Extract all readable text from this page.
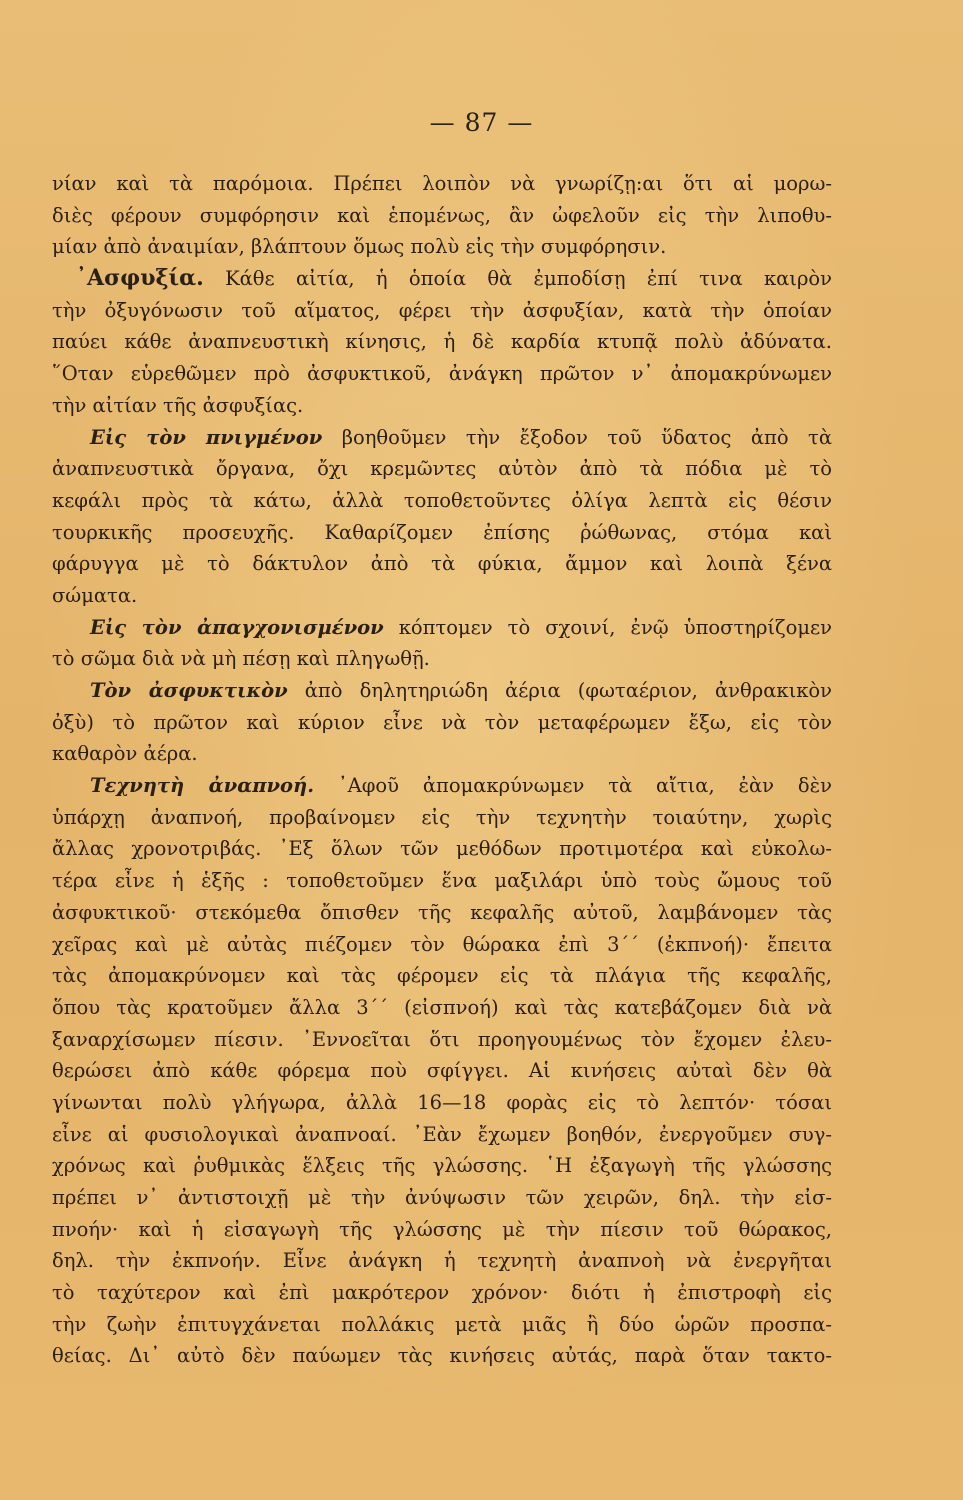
— 87 —
νίαν καὶ τὰ παρόμοια. Πρέπει λοιπὸν νὰ γνωρίζῃ:αι ὅτι αἱ μορω-
διὲς φέρουν συμφόρησιν καὶ ἑπομένως, ἂν ὠφελοῦν εἰς τὴν λιποθυ-
μίαν ἀπὸ ἀναιμίαν, βλάπτουν ὅμως πολὺ εἰς τὴν συμφόρησιν.
᾿Ασφυξία. Κάθε αἰτία, ἡ ὁποία θὰ ἐμποδίσῃ ἐπί τινα καιρὸν
τὴν ὀξυγόνωσιν τοῦ αἵματος, φέρει τὴν ἀσφυξίαν, κατὰ τὴν ὁποίαν
παύει κάθε ἀναπνευστικὴ κίνησις, ἡ δὲ καρδία κτυπᾷ πολὺ ἀδύνατα.
῞Οταν εὑρεθῶμεν πρὸ ἀσφυκτικοῦ, ἀνάγκη πρῶτον ν᾿ ἀπομακρύνωμεν
τὴν αἰτίαν τῆς ἀσφυξίας.
Εἰς τὸν πνιγμένον βοηθοῦμεν τὴν ἔξοδον τοῦ ὕδατος ἀπὸ τὰ
ἀναπνευστικὰ ὄργανα, ὄχι κρεμῶντες αὐτὸν ἀπὸ τὰ πόδια μὲ τὸ
κεφάλι πρὸς τὰ κάτω, ἀλλὰ τοποθετοῦντες ὀλίγα λεπτὰ εἰς θέσιν
τουρκικῆς προσευχῆς. Καθαρίζομεν ἐπίσης ῥώθωνας, στόμα καὶ
φάρυγγα μὲ τὸ δάκτυλον ἀπὸ τὰ φύκια, ἄμμον καὶ λοιπὰ ξένα
σώματα.
Εἰς τὸν ἀπαγχονισμένον κόπτομεν τὸ σχοινί, ἐνῷ ὑποστηρίζομεν
τὸ σῶμα διὰ νὰ μὴ πέσῃ καὶ πληγωθῇ.
Τὸν ἀσφυκτικὸν ἀπὸ δηλητηριώδη ἀέρια (φωταέριον, ἀνθρακικὸν
ὀξὺ) τὸ πρῶτον καὶ κύριον εἶνε νὰ τὸν μεταφέρωμεν ἔξω, εἰς τὸν
καθαρὸν ἀέρα.
Τεχνητὴ ἀναπνοή. ᾿Αφοῦ ἀπομακρύνωμεν τὰ αἴτια, ἐὰν δὲν
ὑπάρχῃ ἀναπνοή, προβαίνομεν εἰς τὴν τεχνητὴν τοιαύτην, χωρὶς
ἄλλας χρονοτριβάς. ᾿Εξ ὅλων τῶν μεθόδων προτιμοτέρα καὶ εὐκολω-
τέρα εἶνε ἡ ἑξῆς : τοποθετοῦμεν ἕνα μαξιλάρι ὑπὸ τοὺς ὤμους τοῦ
ἀσφυκτικοῦ· στεκόμεθα ὄπισθεν τῆς κεφαλῆς αὐτοῦ, λαμβάνομεν τὰς
χεῖρας καὶ μὲ αὐτὰς πιέζομεν τὸν θώρακα ἐπὶ 3΄΄ (ἐκπνοή)· ἔπειτα
τὰς ἀπομακρύνομεν καὶ τὰς φέρομεν εἰς τὰ πλάγια τῆς κεφαλῆς,
ὅπου τὰς κρατοῦμεν ἄλλα 3΄΄ (εἰσπνοή) καὶ τὰς κατεβάζομεν διὰ νὰ
ξαναρχίσωμεν πίεσιν. ᾿Εννοεῖται ὅτι προηγουμένως τὸν ἔχομεν ἐλευ-
θερώσει ἀπὸ κάθε φόρεμα ποὺ σφίγγει. Αἱ κινήσεις αὐταὶ δὲν θὰ
γίνωνται πολὺ γλήγωρα, ἀλλὰ 16—18 φορὰς εἰς τὸ λεπτόν· τόσαι
εἶνε αἱ φυσιολογικαὶ ἀναπνοαί. ᾿Εὰν ἔχωμεν βοηθόν, ἐνεργοῦμεν συγ-
χρόνως καὶ ῥυθμικὰς ἕλξεις τῆς γλώσσης. ῾Η ἐξαγωγὴ τῆς γλώσσης
πρέπει ν᾿ ἀντιστοιχῇ μὲ τὴν ἀνύψωσιν τῶν χειρῶν, δηλ. τὴν εἰσ-
πνοήν· καὶ ἡ εἰσαγωγὴ τῆς γλώσσης μὲ τὴν πίεσιν τοῦ θώρακος,
δηλ. τὴν ἐκπνοήν. Εἶνε ἀνάγκη ἡ τεχνητὴ ἀναπνοὴ νὰ ἐνεργῆται
τὸ ταχύτερον καὶ ἐπὶ μακρότερον χρόνον· διότι ἡ ἐπιστροφὴ εἰς
τὴν ζωὴν ἐπιτυγχάνεται πολλάκις μετὰ μιᾶς ἢ δύο ὡρῶν προσπα-
θείας. Δι᾿ αὐτὸ δὲν παύωμεν τὰς κινήσεις αὐτάς, παρὰ ὅταν τακτο-
